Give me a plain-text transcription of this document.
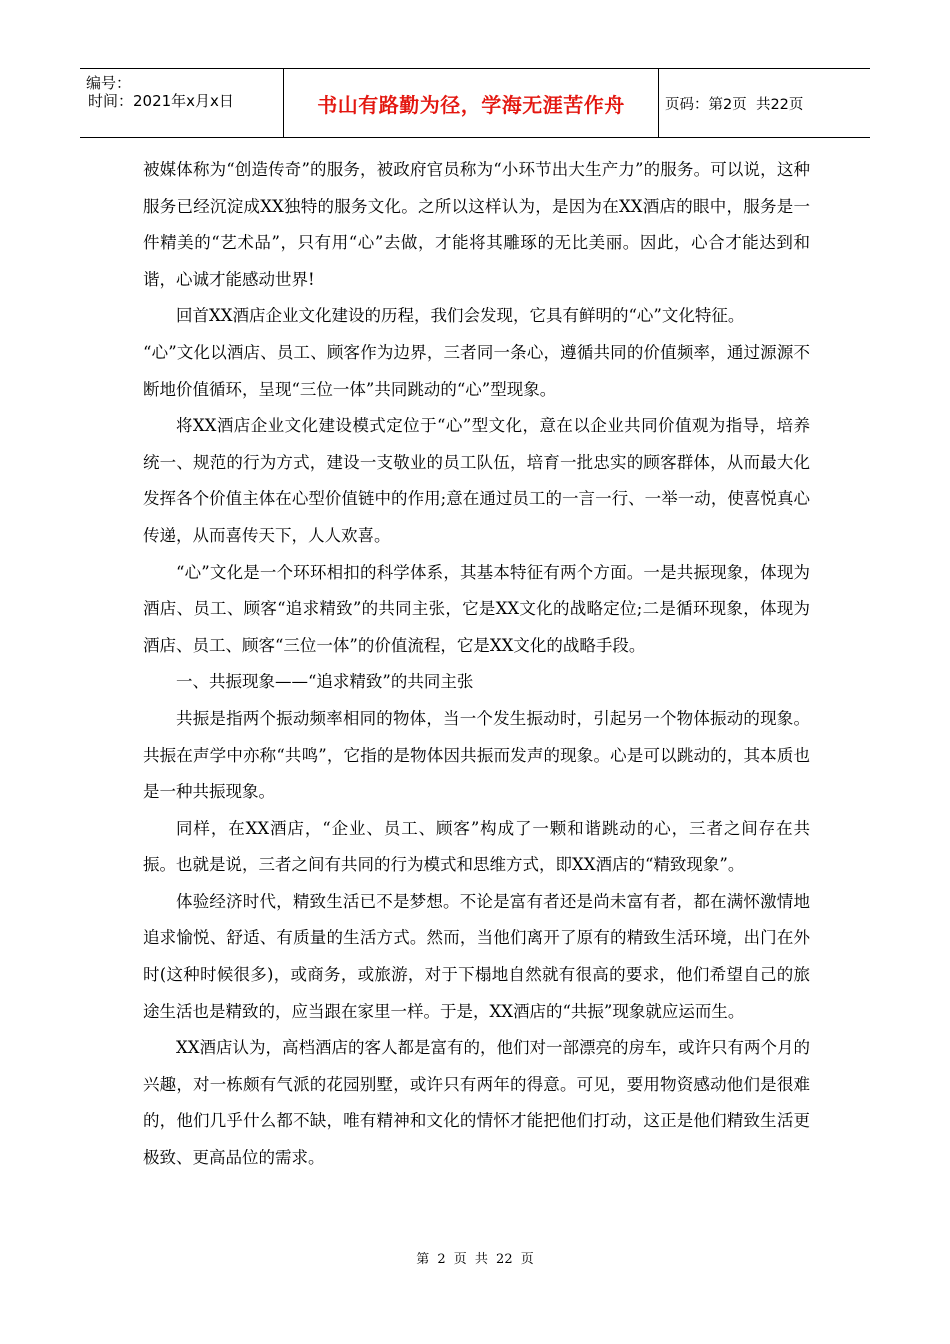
编号：
时间：2021年x月x日	书山有路勤为径，学海无涯苦作舟	页码：第2页  共22页

被媒体称为“创造传奇”的服务，被政府官员称为“小环节出大生产力”的服务。可以说，这种服务已经沉淀成XX独特的服务文化。之所以这样认为，是因为在XX酒店的眼中，服务是一件精美的“艺术品”，只有用“心”去做，才能将其雕琢的无比美丽。因此，心合才能达到和谐，心诚才能感动世界!

回首XX酒店企业文化建设的历程，我们会发现，它具有鲜明的“心”文化特征。

“心”文化以酒店、员工、顾客作为边界，三者同一条心，遵循共同的价值频率，通过源源不断地价值循环，呈现“三位一体”共同跳动的“心”型现象。

将XX酒店企业文化建设模式定位于“心”型文化，意在以企业共同价值观为指导，培养统一、规范的行为方式，建设一支敬业的员工队伍，培育一批忠实的顾客群体，从而最大化发挥各个价值主体在心型价值链中的作用;意在通过员工的一言一行、一举一动，使喜悦真心传递，从而喜传天下，人人欢喜。

“心”文化是一个环环相扣的科学体系，其基本特征有两个方面。一是共振现象，体现为酒店、员工、顾客“追求精致”的共同主张，它是XX文化的战略定位;二是循环现象，体现为酒店、员工、顾客“三位一体”的价值流程，它是XX文化的战略手段。

一、共振现象——“追求精致”的共同主张

共振是指两个振动频率相同的物体，当一个发生振动时，引起另一个物体振动的现象。共振在声学中亦称“共鸣”，它指的是物体因共振而发声的现象。心是可以跳动的，其本质也是一种共振现象。

同样，在XX酒店，“企业、员工、顾客”构成了一颗和谐跳动的心，三者之间存在共振。也就是说，三者之间有共同的行为模式和思维方式，即XX酒店的“精致现象”。

体验经济时代，精致生活已不是梦想。不论是富有者还是尚未富有者，都在满怀激情地追求愉悦、舒适、有质量的生活方式。然而，当他们离开了原有的精致生活环境，出门在外时(这种时候很多)，或商务，或旅游，对于下榻地自然就有很高的要求，他们希望自己的旅途生活也是精致的，应当跟在家里一样。于是，XX酒店的“共振”现象就应运而生。

XX酒店认为，高档酒店的客人都是富有的，他们对一部漂亮的房车，或许只有两个月的兴趣，对一栋颇有气派的花园别墅，或许只有两年的得意。可见，要用物资感动他们是很难的，他们几乎什么都不缺，唯有精神和文化的情怀才能把他们打动，这正是他们精致生活更极致、更高品位的需求。

第 2 页 共 22 页
